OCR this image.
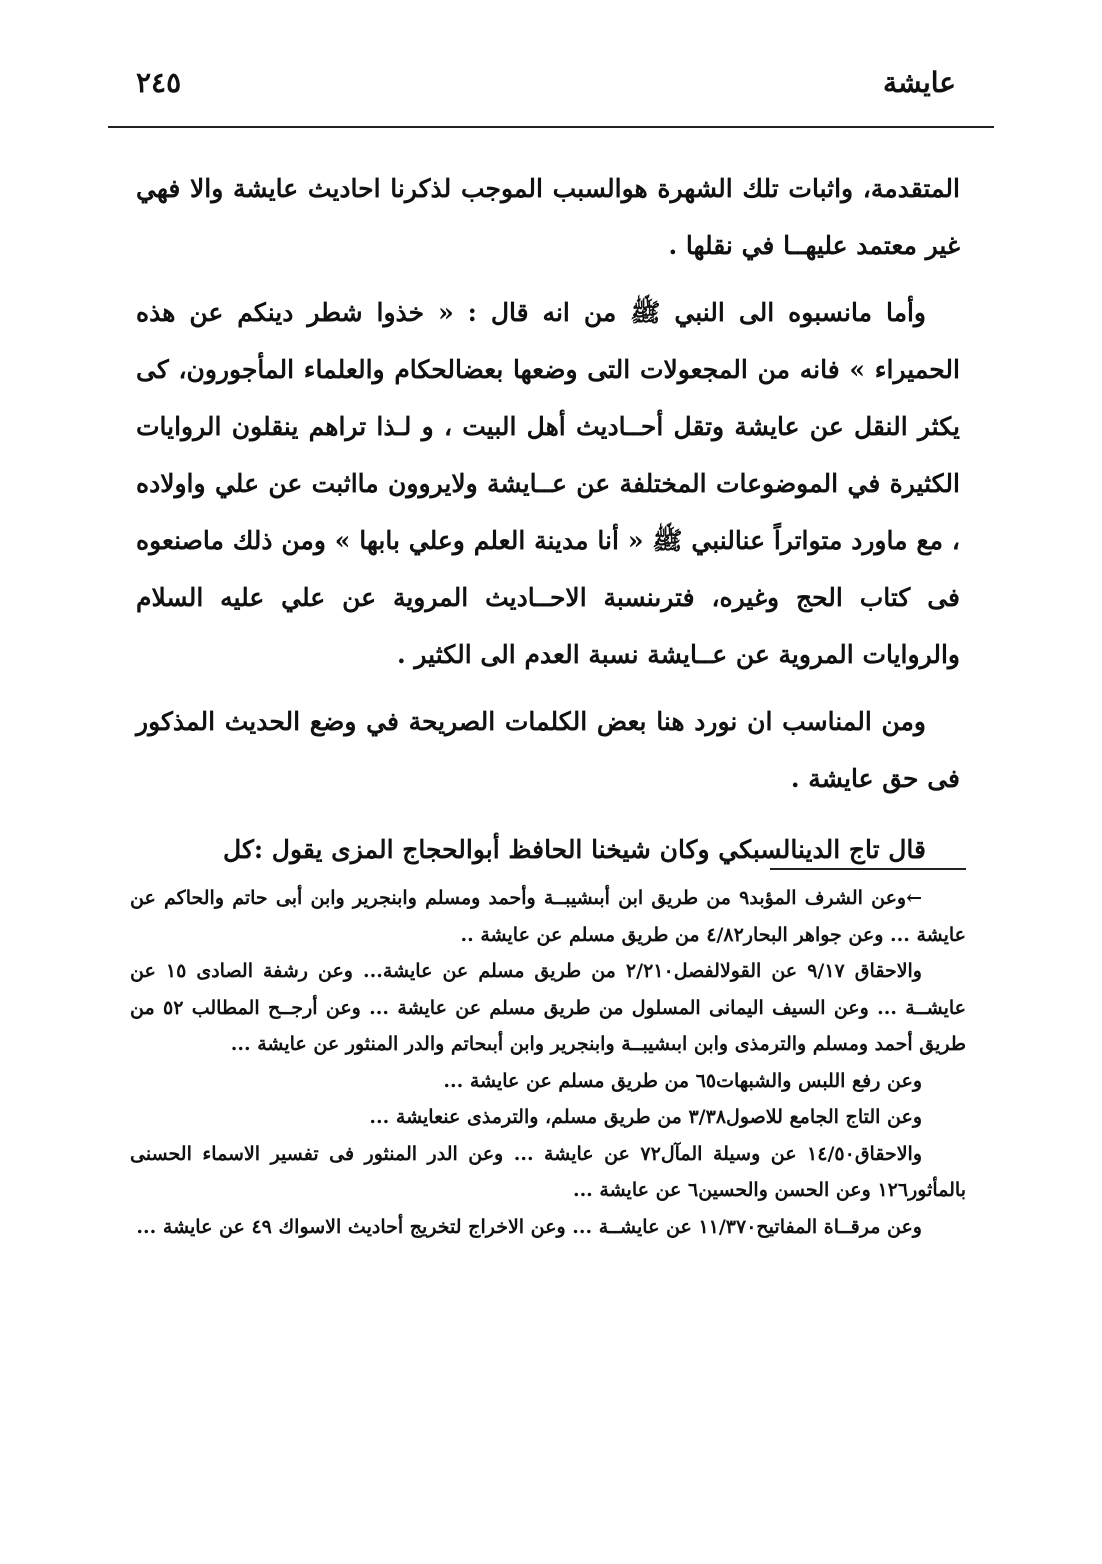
عايشة
٢٤٥

المتقدمة، واثبات تلك الشهرة هوالسبب الموجب لذكرنا احاديث عايشة والا فهي غير معتمد عليهــا في نقلها .

وأما مانسبوه الى النبي ﷺ من انه قال : « خذوا شطر دينكم عن هذه الحميراء » فانه من المجعولات التى وضعها بعضالحكام والعلماء المأجورون، كى يكثر النقل عن عايشة وتقل أحــاديث أهل البيت ، و لـذا تراهم ينقلون الروايات الكثيرة في الموضوعات المختلفة عن عــايشة ولايروون مااثبت عن علي واولاده ، مع ماورد متواتراً عنالنبي ﷺ « أنا مدينة العلم وعلي بابها » ومن ذلك ماصنعوه فى كتاب الحج وغيره، فترىنسبة الاحــاديث المروية عن علي عليه السلام والروايات المروية عن عــايشة نسبة العدم الى الكثير .

ومن المناسب ان نورد هنا بعض الكلمات الصريحة في وضع الحديث المذكور فى حق عايشة .

قال تاج الدينالسبكي وكان شيخنا الحافظ أبوالحجاج المزى يقول :كل

←وعن الشرف المؤبد٩ من طريق ابن أبىشيبــة وأحمد ومسلم وابنجرير وابن أبى حاتم والحاكم عن عايشة ... وعن جواهر البحار٤/٨٢ من طريق مسلم عن عايشة ..

والاحقاق ٩/١٧ عن القولالفصل٢/٢١٠ من طريق مسلم عن عايشة... وعن رشفة الصادى ١٥ عن عايشــة ... وعن السيف اليمانى المسلول من طريق مسلم عن عايشة ... وعن أرجــح المطالب ٥٢ من طريق أحمد ومسلم والترمذى وابن ابىشيبــة وابنجرير وابن أبىحاتم والدر المنثور عن عايشة ...

وعن رفع اللبس والشبهات٦٥ من طريق مسلم عن عايشة ...

وعن التاج الجامع للاصول٣/٣٨ من طريق مسلم، والترمذى عنعايشة ...

والاحقاق١٤/٥٠ عن وسيلة المآل٧٢ عن عايشة ... وعن الدر المنثور فى تفسير الاسماء الحسنى بالمأثور١٢٦ وعن الحسن والحسين٦ عن عايشة ...

وعن مرقــاة المفاتيح١١/٣٧٠ عن عايشــة ... وعن الاخراج لتخريج أحاديث الاسواك ٤٩ عن عايشة ...
